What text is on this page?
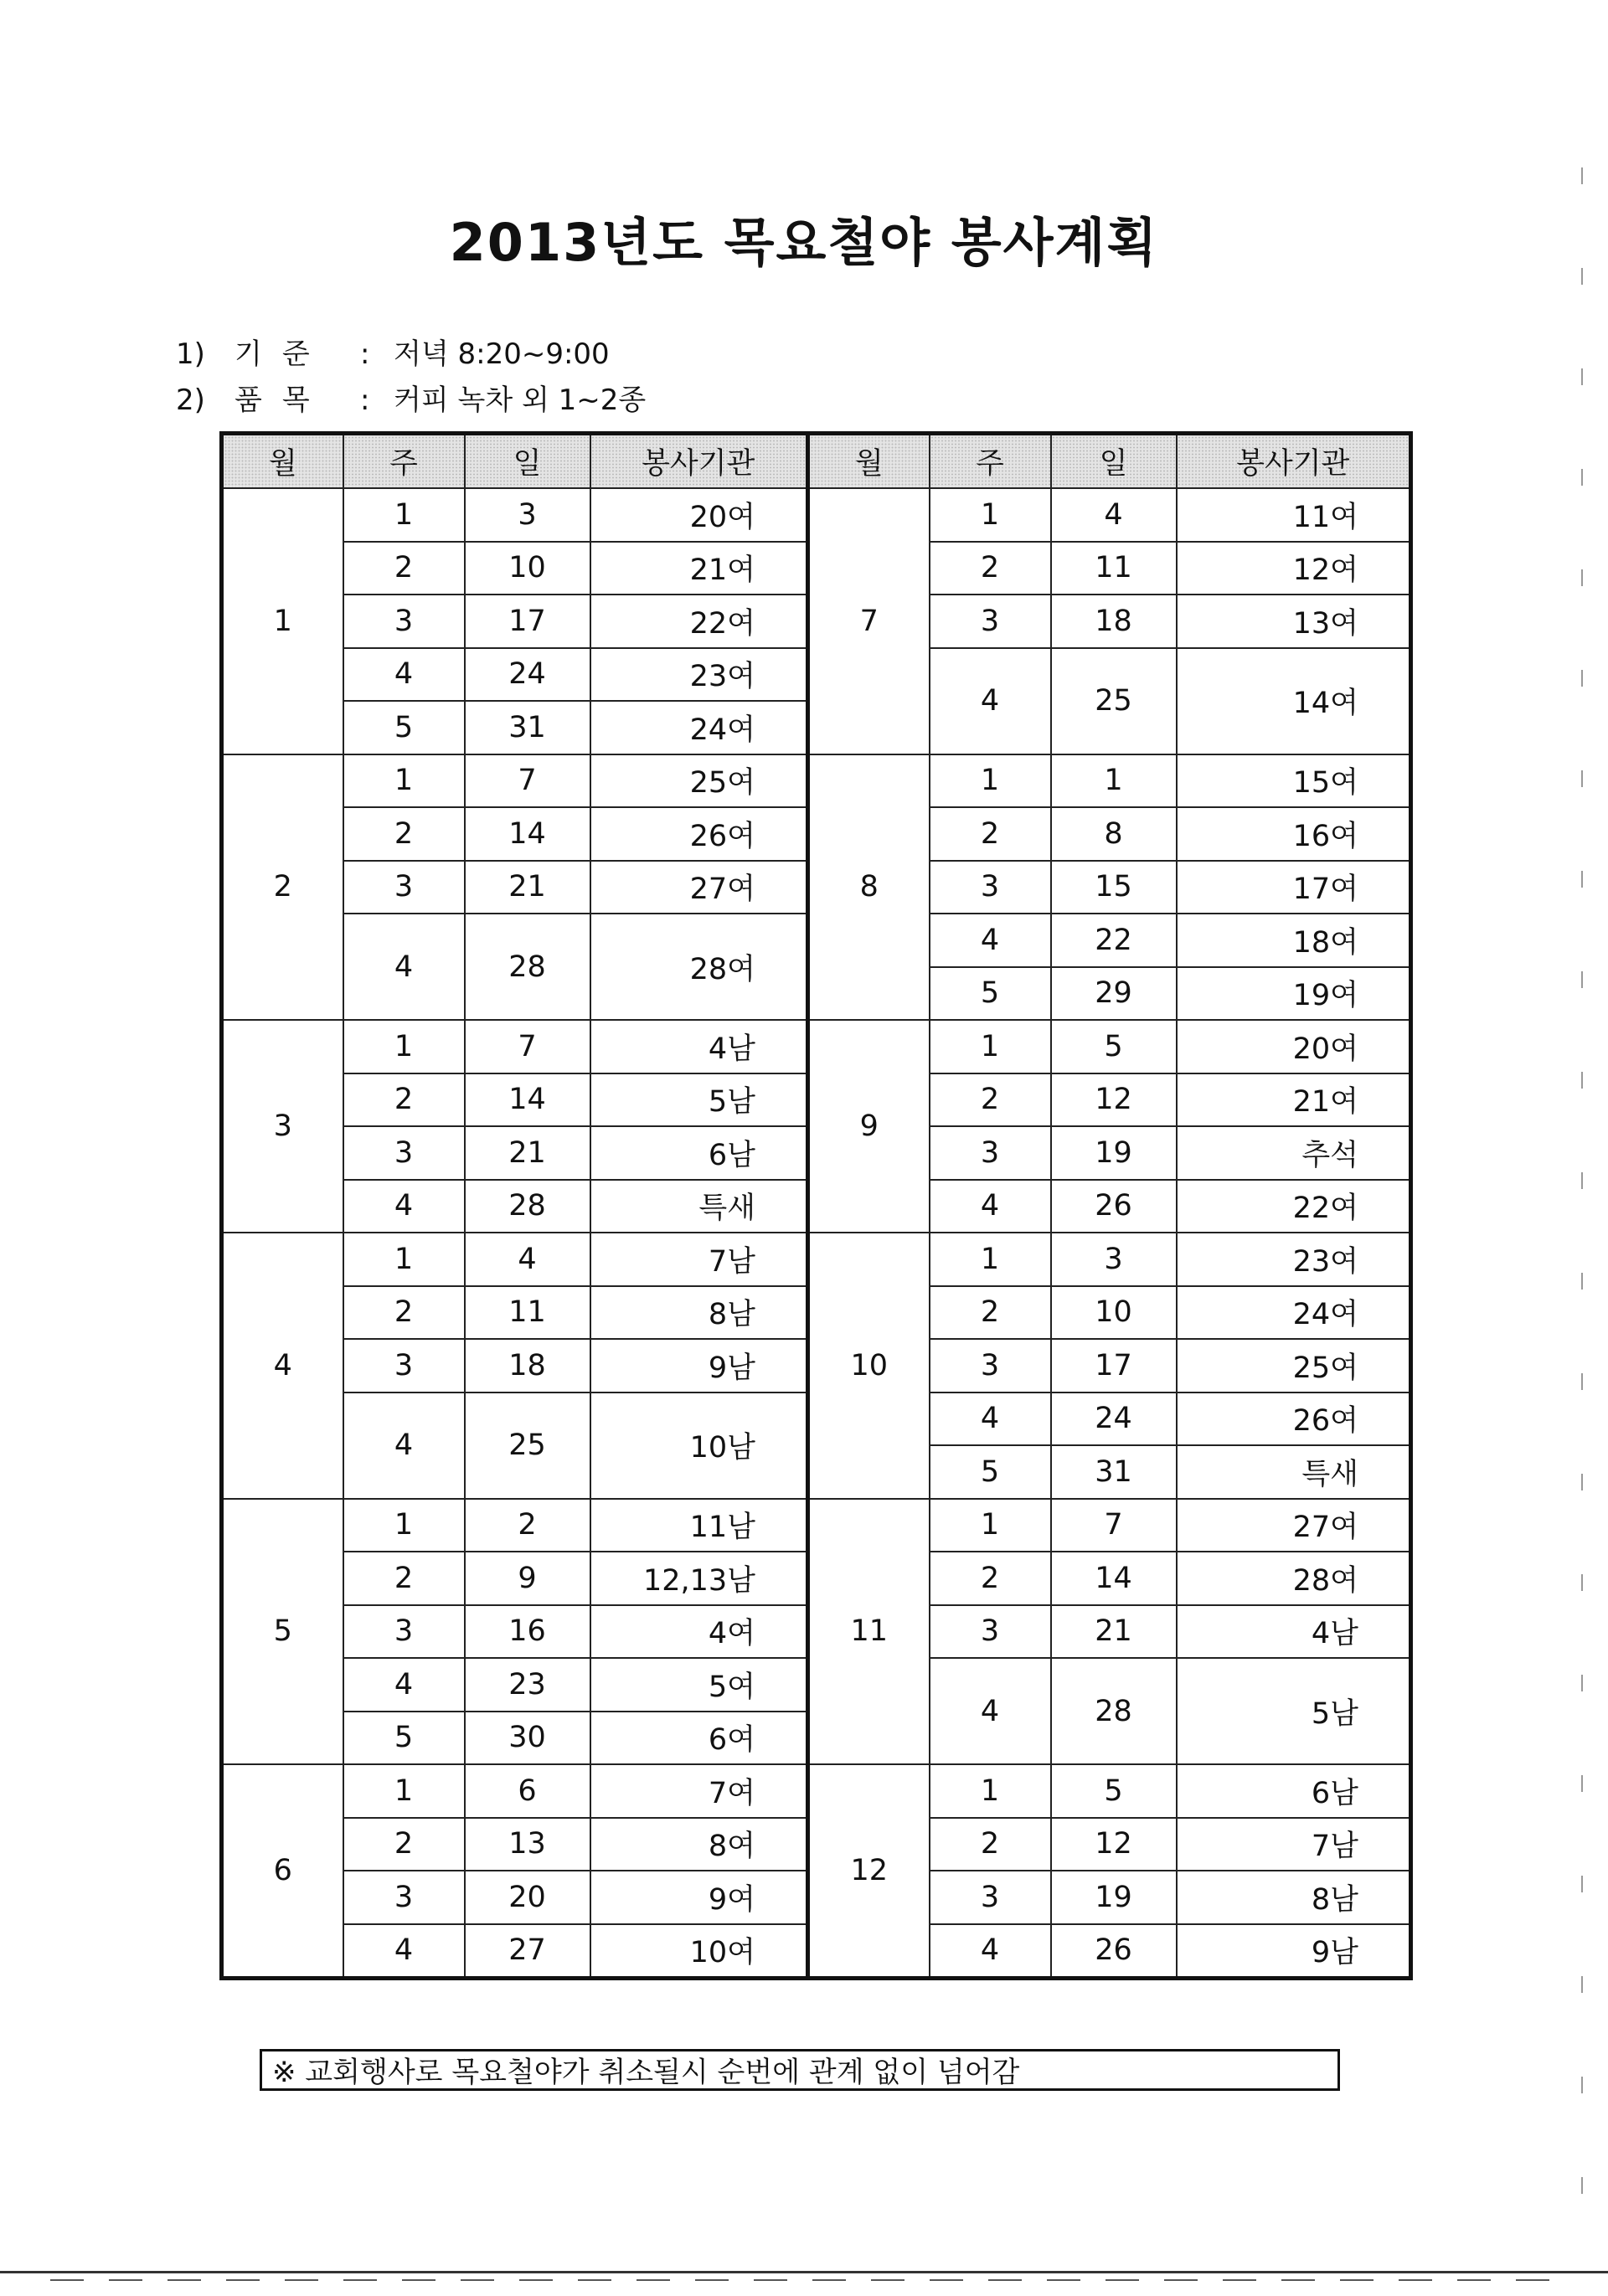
2013년도 목요철야 봉사계획
1) 기준 : 저녁 8:20~9:00
2) 품목 : 커피 녹차 외 1~2종
월	주	일	봉사기관	월	주	일	봉사기관
1	1	3	20여	7	1	4	11여
	2	10	21여		2	11	12여
	3	17	22여		3	18	13여
	4	24	23여		4	25	14여
	5	31	24여				
2	1	7	25여	8	1	1	15여
	2	14	26여		2	8	16여
	3	21	27여		3	15	17여
	4	28	28여		4	22	18여
					5	29	19여
3	1	7	4남	9	1	5	20여
	2	14	5남		2	12	21여
	3	21	6남		3	19	추석
	4	28	특새		4	26	22여
4	1	4	7남	10	1	3	23여
	2	11	8남		2	10	24여
	3	18	9남		3	17	25여
	4	25	10남		4	24	26여
					5	31	특새
5	1	2	11남	11	1	7	27여
	2	9	12,13남		2	14	28여
	3	16	4여		3	21	4남
	4	23	5여		4	28	5남
	5	30	6여				
6	1	6	7여	12	1	5	6남
	2	13	8여		2	12	7남
	3	20	9여		3	19	8남
	4	27	10여		4	26	9남
※ 교회행사로 목요철야가 취소될시 순번에 관계 없이 넘어감
